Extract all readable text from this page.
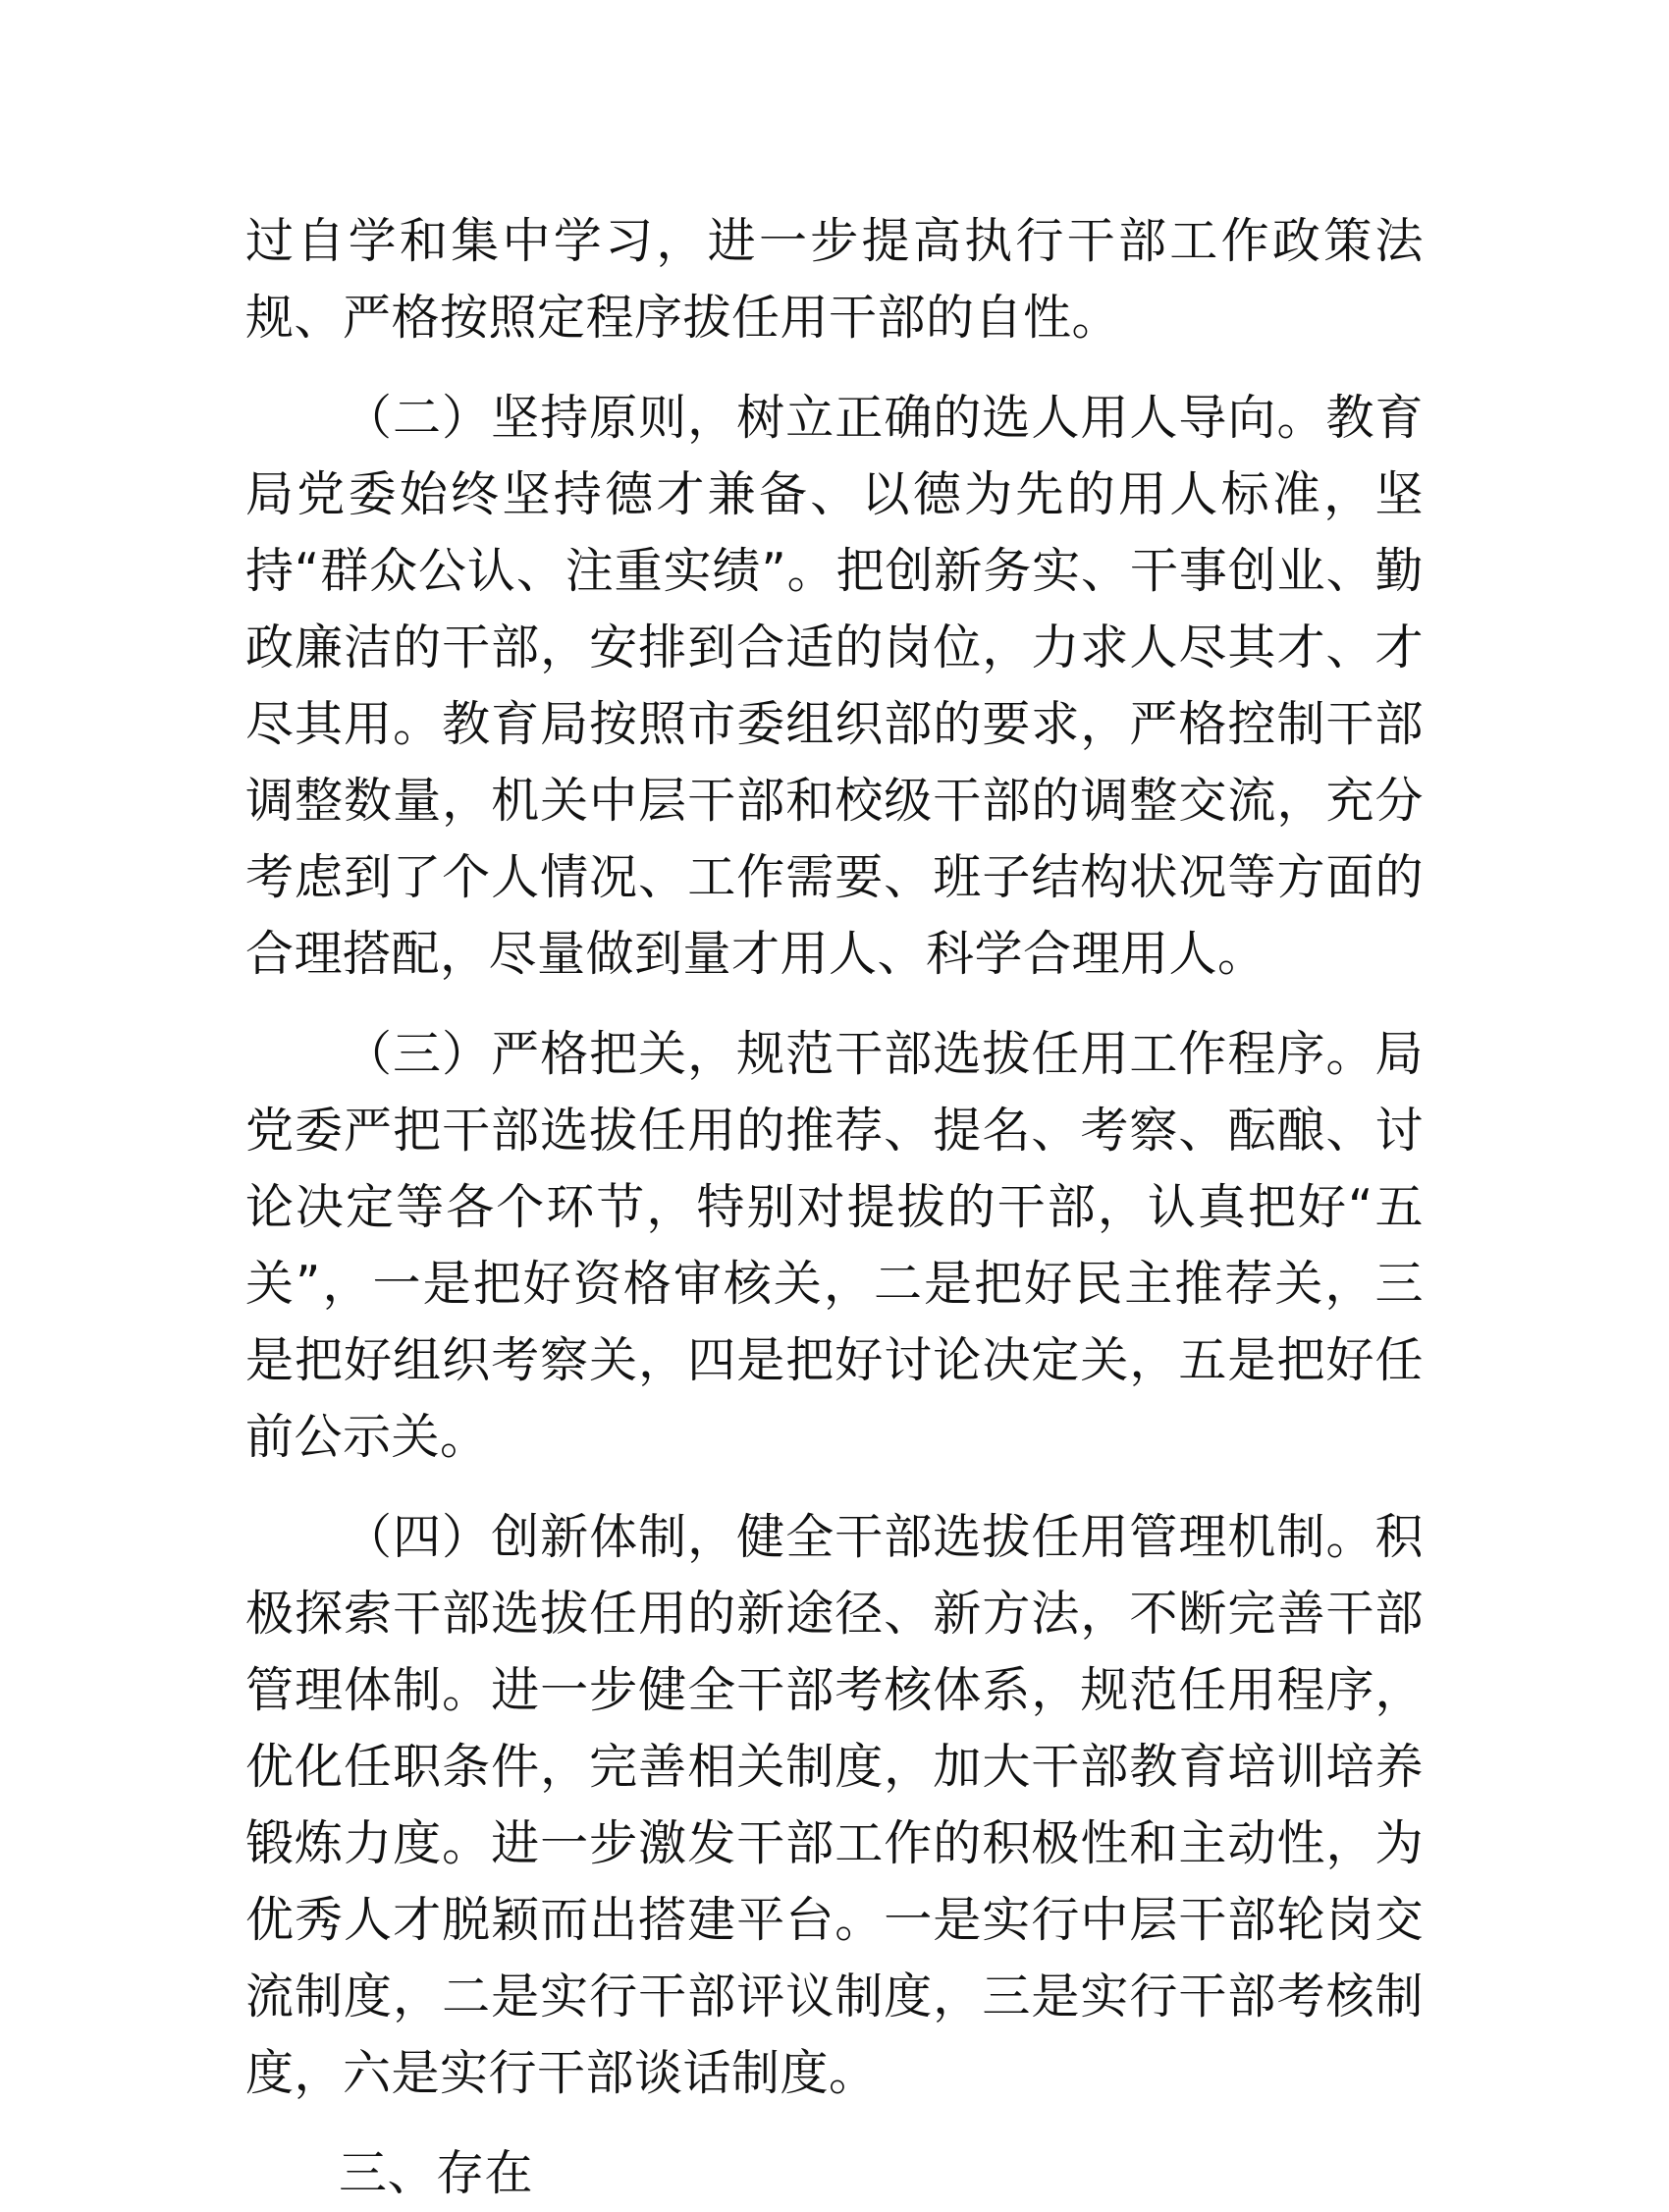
过自学和集中学习，进一步提高执行干部工作政策法规、严格按照定程序拔任用干部的自性。

（二）坚持原则，树立正确的选人用人导向。教育局党委始终坚持德才兼备、以德为先的用人标准，坚持“群众公认、注重实绩”。把创新务实、干事创业、勤政廉洁的干部，安排到合适的岗位，力求人尽其才、才尽其用。教育局按照市委组织部的要求，严格控制干部调整数量，机关中层干部和校级干部的调整交流，充分考虑到了个人情况、工作需要、班子结构状况等方面的合理搭配，尽量做到量才用人、科学合理用人。

（三）严格把关，规范干部选拔任用工作程序。局党委严把干部选拔任用的推荐、提名、考察、酝酿、讨论决定等各个环节，特别对提拔的干部，认真把好“五关”，一是把好资格审核关，二是把好民主推荐关，三是把好组织考察关，四是把好讨论决定关，五是把好任前公示关。

（四）创新体制，健全干部选拔任用管理机制。积极探索干部选拔任用的新途径、新方法，不断完善干部管理体制。进一步健全干部考核体系，规范任用程序，优化任职条件，完善相关制度，加大干部教育培训培养锻炼力度。进一步激发干部工作的积极性和主动性，为优秀人才脱颖而出搭建平台。一是实行中层干部轮岗交流制度，二是实行干部评议制度，三是实行干部考核制度，六是实行干部谈话制度。

三、存在
